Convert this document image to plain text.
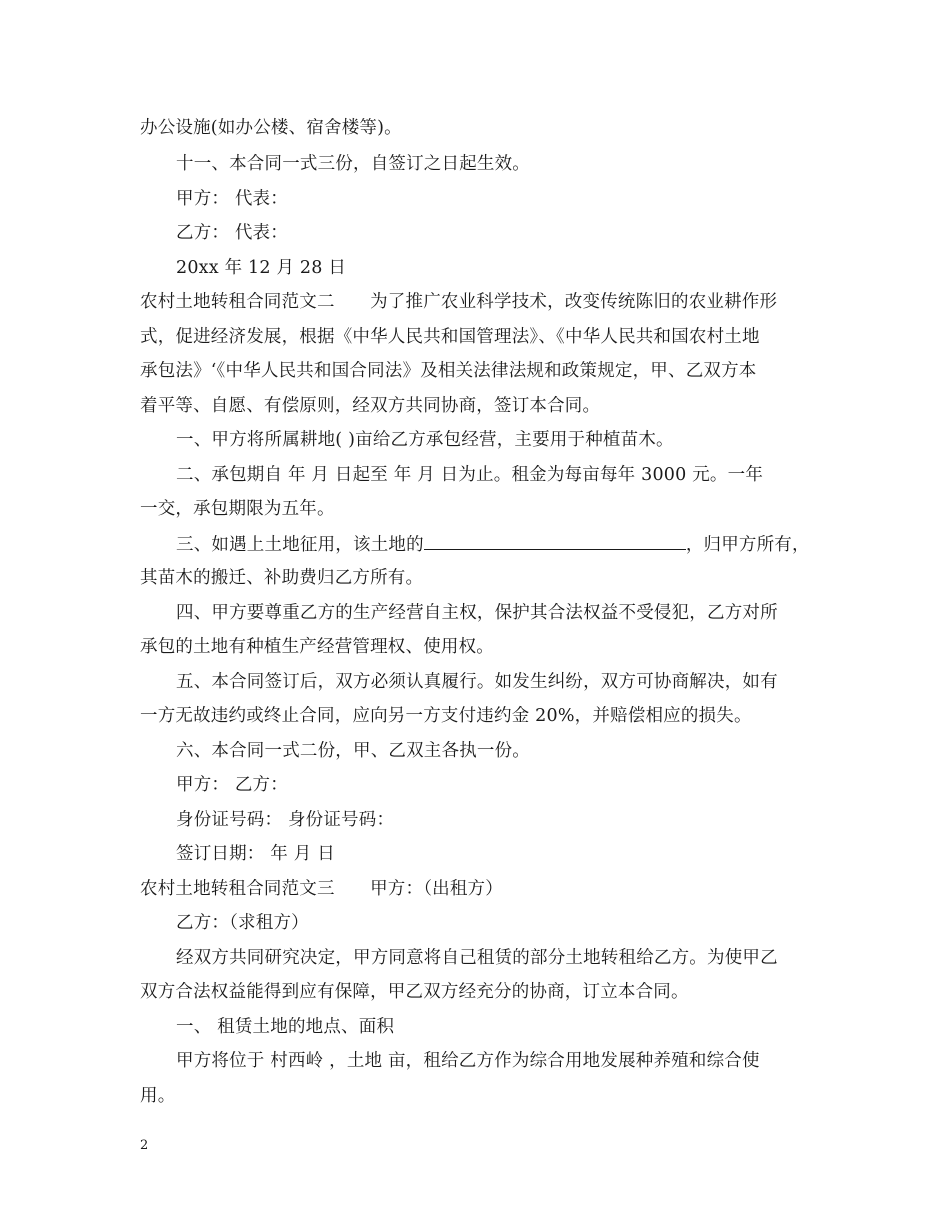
办公设施(如办公楼、宿舍楼等)。
十一、本合同一式三份，自签订之日起生效。
甲方： 代表：
乙方： 代表：
20xx 年 12 月 28 日
农村土地转租合同范文二　　为了推广农业科学技术，改变传统陈旧的农业耕作形
式，促进经济发展，根据《中华人民共和国管理法》、《中华人民共和国农村土地
承包法》‘《中华人民共和国合同法》及相关法律法规和政策规定，甲、乙双方本
着平等、自愿、有偿原则，经双方共同协商，签订本合同。
一、甲方将所属耕地( )亩给乙方承包经营，主要用于种植苗木。
二、承包期自 年 月 日起至 年 月 日为止。租金为每亩每年 3000 元。一年
一交，承包期限为五年。
三、如遇上土地征用，该土地的	，归甲方所有，
其苗木的搬迁、补助费归乙方所有。
四、甲方要尊重乙方的生产经营自主权，保护其合法权益不受侵犯，乙方对所
承包的土地有种植生产经营管理权、使用权。
五、本合同签订后，双方必须认真履行。如发生纠纷，双方可协商解决，如有
一方无故违约或终止合同，应向另一方支付违约金 20%，并赔偿相应的损失。
六、本合同一式二份，甲、乙双主各执一份。
甲方： 乙方：
身份证号码： 身份证号码：
签订日期： 年 月 日
农村土地转租合同范文三　　甲方：（出租方）
乙方：（求租方）
经双方共同研究决定，甲方同意将自己租赁的部分土地转租给乙方。为使甲乙
双方合法权益能得到应有保障，甲乙双方经充分的协商，订立本合同。
一、 租赁土地的地点、面积
甲方将位于 村西岭 ，土地 亩，租给乙方作为综合用地发展种养殖和综合使
用。
2
